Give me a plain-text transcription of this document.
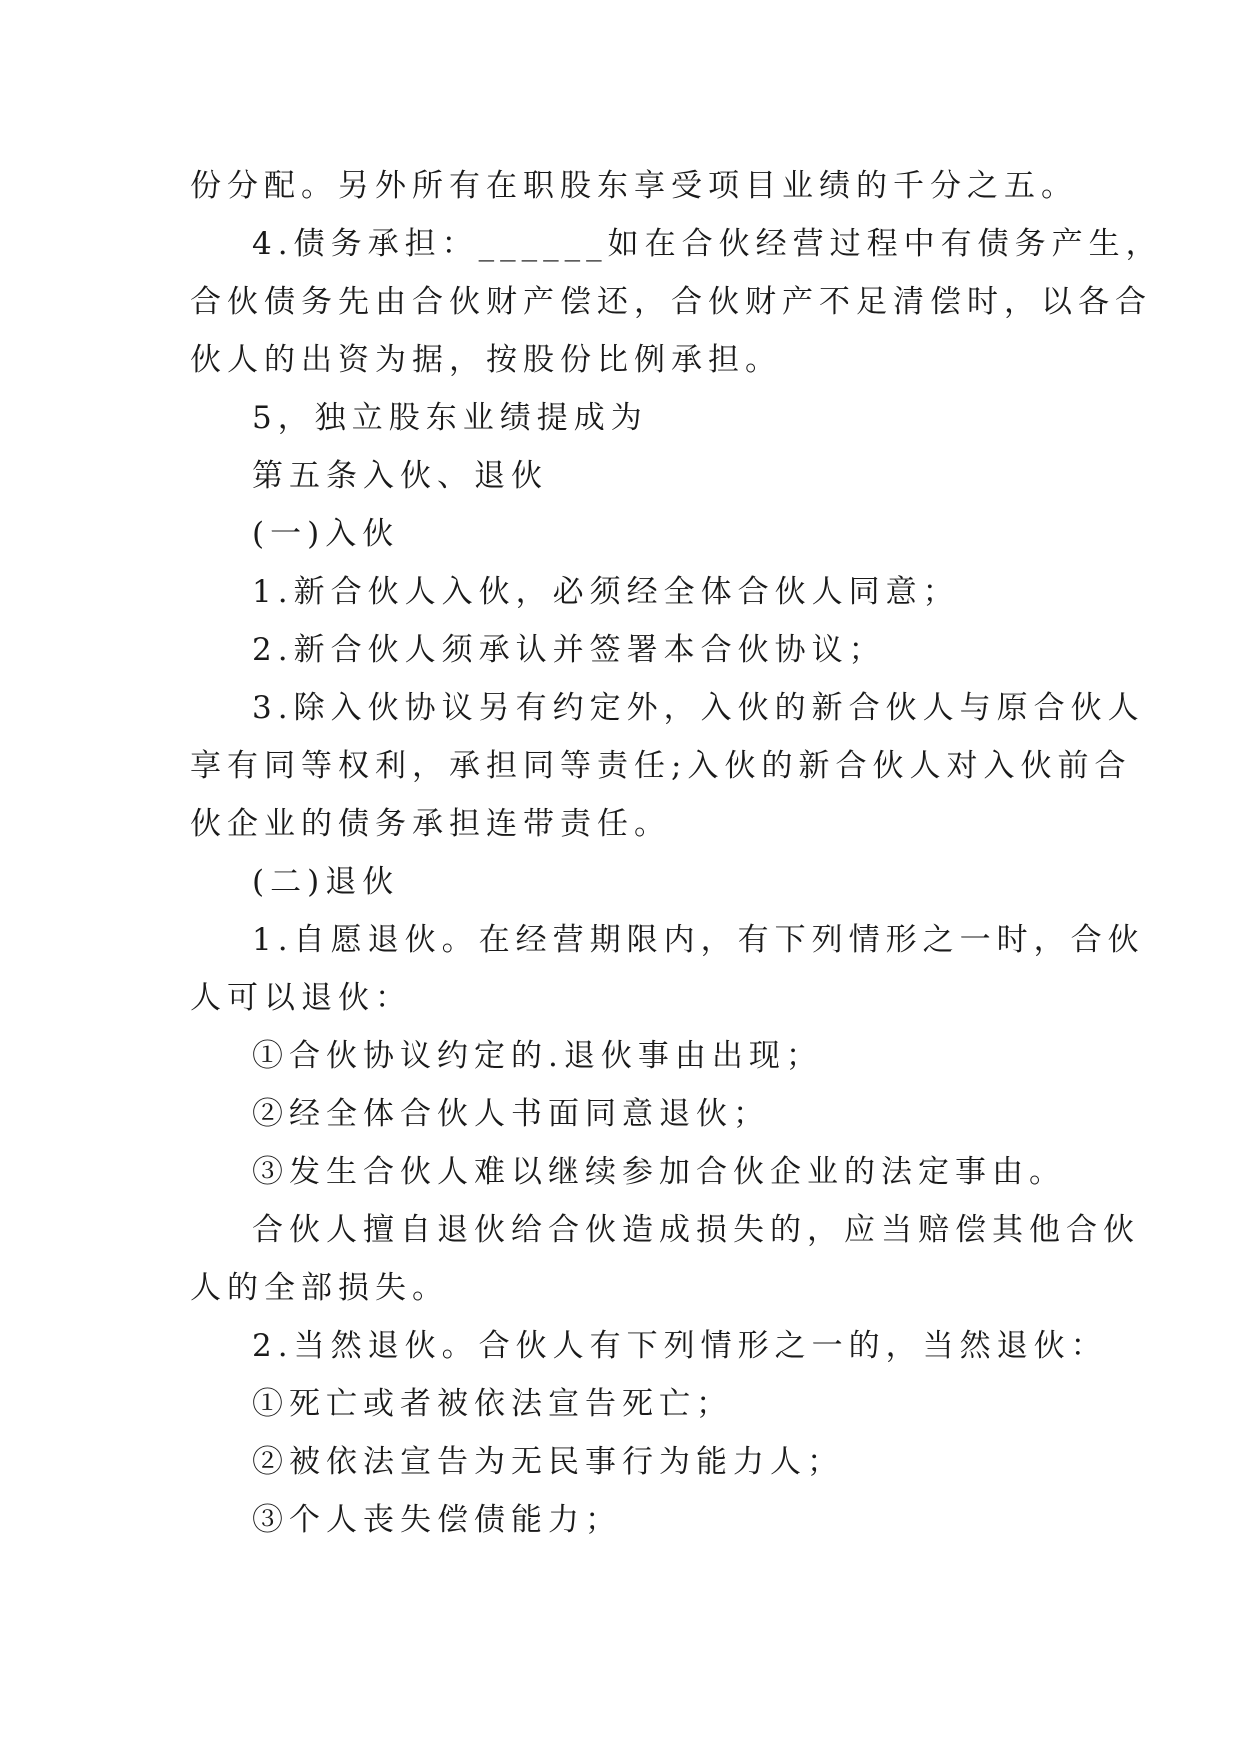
份分配。另外所有在职股东享受项目业绩的千分之五。
4.债务承担：______如在合伙经营过程中有债务产生，
合伙债务先由合伙财产偿还，合伙财产不足清偿时，以各合
伙人的出资为据，按股份比例承担。
5，独立股东业绩提成为
第五条入伙、退伙
(一)入伙
1.新合伙人入伙，必须经全体合伙人同意；
2.新合伙人须承认并签署本合伙协议；
3.除入伙协议另有约定外，入伙的新合伙人与原合伙人
享有同等权利，承担同等责任;入伙的新合伙人对入伙前合
伙企业的债务承担连带责任。
(二)退伙
1.自愿退伙。在经营期限内，有下列情形之一时，合伙
人可以退伙：
①合伙协议约定的.退伙事由出现；
②经全体合伙人书面同意退伙；
③发生合伙人难以继续参加合伙企业的法定事由。
合伙人擅自退伙给合伙造成损失的，应当赔偿其他合伙
人的全部损失。
2.当然退伙。合伙人有下列情形之一的，当然退伙：
①死亡或者被依法宣告死亡；
②被依法宣告为无民事行为能力人；
③个人丧失偿债能力；
